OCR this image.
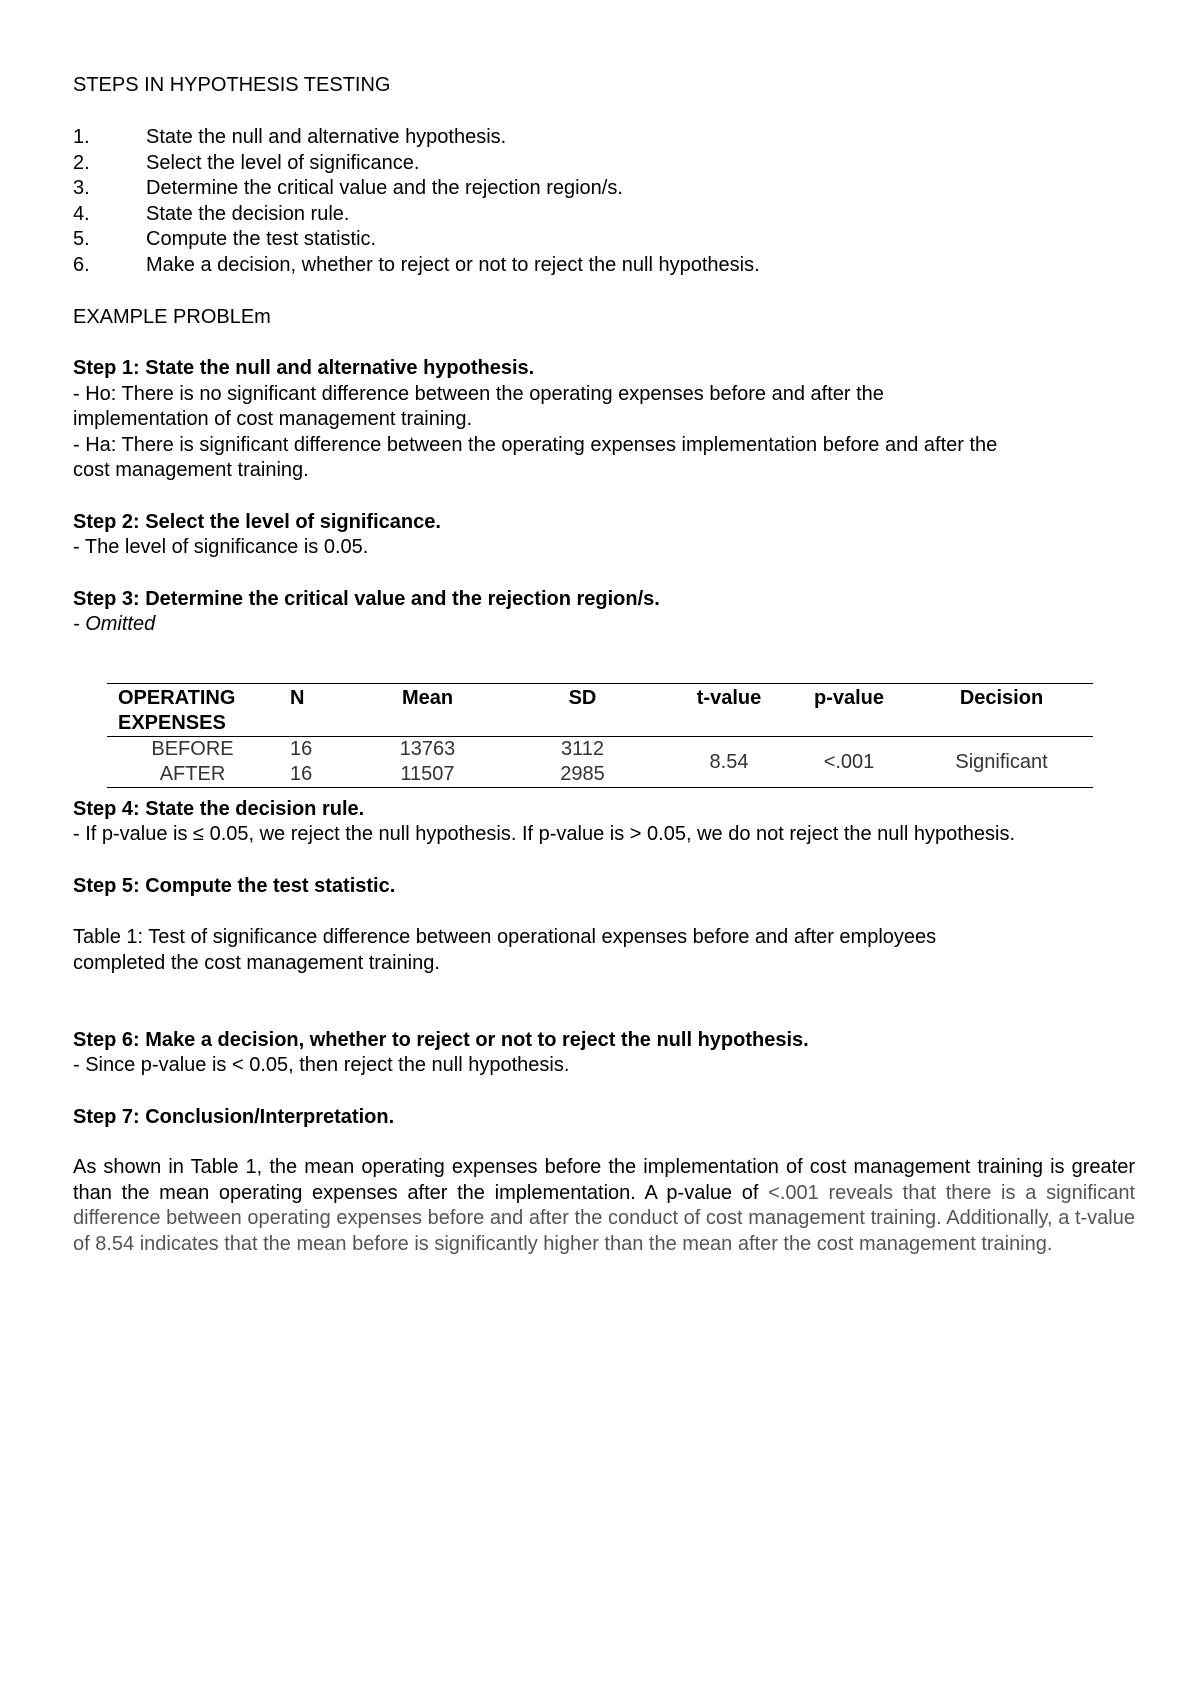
STEPS IN HYPOTHESIS TESTING
1.	State the null and alternative hypothesis.
2.	Select the level of significance.
3.	Determine the critical value and the rejection region/s.
4.	State the decision rule.
5.	Compute the test statistic.
6.	Make a decision, whether to reject or not to reject the null hypothesis.
EXAMPLE PROBLEm
Step 1: State the null and alternative hypothesis.
- Ho: There is no significant difference between the operating expenses before and after the
implementation of cost management training.
- Ha: There is significant difference between the operating expenses implementation before and after the
cost management training.
Step 2: Select the level of significance.
- The level of significance is 0.05.
Step 3: Determine the critical value and the rejection region/s.
- Omitted
OPERATING EXPENSES	N	Mean	SD	t-value	p-value	Decision
BEFORE	16	13763	3112	8.54	<.001	Significant
AFTER	16	11507	2985			
Step 4: State the decision rule.
- If p-value is ≤ 0.05, we reject the null hypothesis. If p-value is > 0.05, we do not reject the null hypothesis.
Step 5: Compute the test statistic.
Table 1: Test of significance difference between operational expenses before and after employees
completed the cost management training.
Step 6: Make a decision, whether to reject or not to reject the null hypothesis.
- Since p-value is < 0.05, then reject the null hypothesis.
Step 7: Conclusion/Interpretation.
As shown in Table 1, the mean operating expenses before the implementation of cost management training is greater than the mean operating expenses after the implementation. A p-value of <.001 reveals that there is a significant difference between operating expenses before and after the conduct of cost management training. Additionally, a t-value of 8.54 indicates that the mean before is significantly higher than the mean after the cost management training.
